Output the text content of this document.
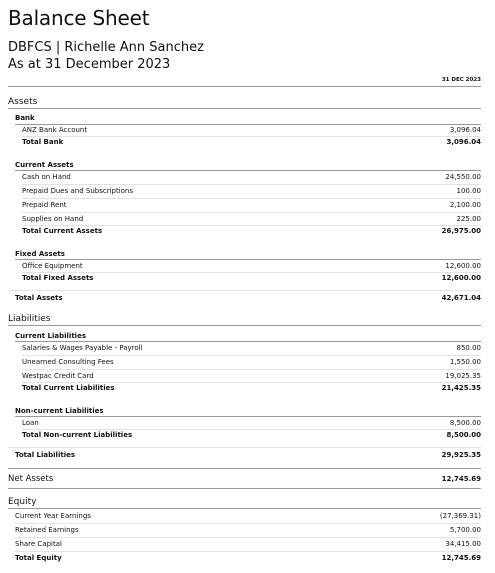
Balance Sheet
DBFCS | Richelle Ann Sanchez
As at 31 December 2023
31 DEC 2023
Assets
Bank
ANZ Bank Account	3,096.04
Total Bank	3,096.04
Current Assets
Cash on Hand	24,550.00
Prepaid Dues and Subscriptions	100.00
Prepaid Rent	2,100.00
Supplies on Hand	225.00
Total Current Assets	26,975.00
Fixed Assets
Office Equipment	12,600.00
Total Fixed Assets	12,600.00
Total Assets	42,671.04
Liabilities
Current Liabilities
Salaries & Wages Payable - Payroll	850.00
Unearned Consulting Fees	1,550.00
Westpac Credit Card	19,025.35
Total Current Liabilities	21,425.35
Non-current Liabilities
Loan	8,500.00
Total Non-current Liabilities	8,500.00
Total Liabilities	29,925.35
Net Assets	12,745.69
Equity
Current Year Earnings	(27,369.31)
Retained Earnings	5,700.00
Share Capital	34,415.00
Total Equity	12,745.69
